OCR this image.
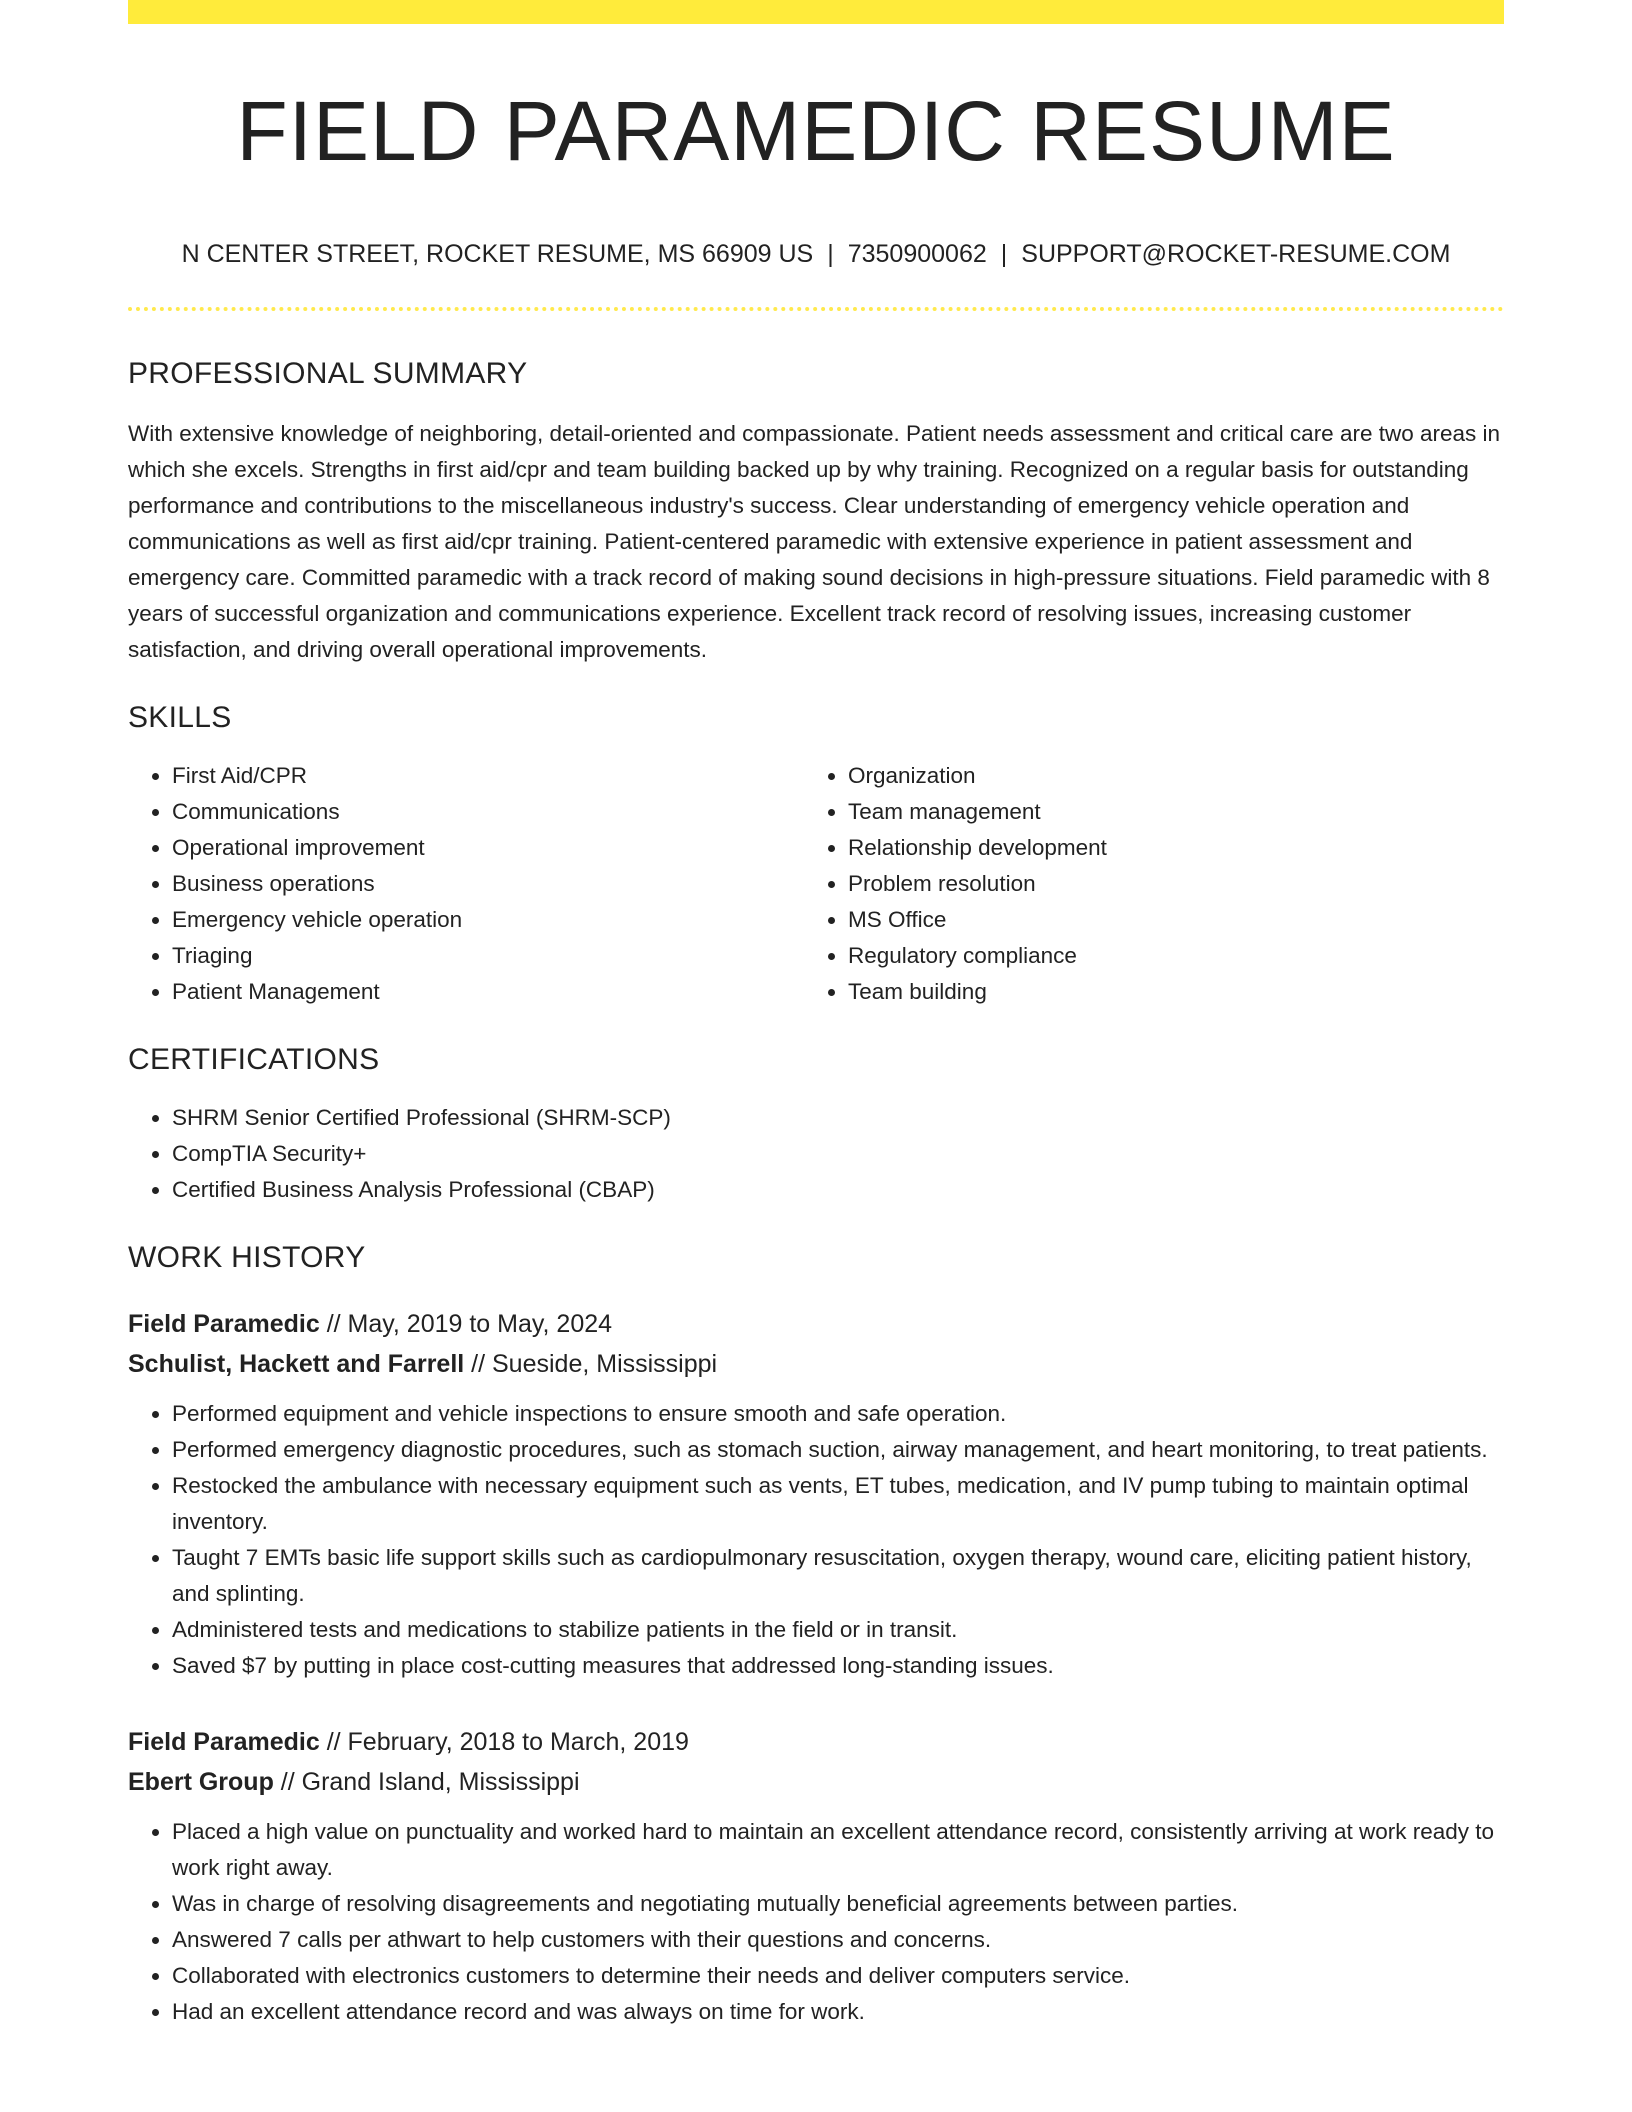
FIELD PARAMEDIC RESUME
N CENTER STREET, ROCKET RESUME, MS 66909 US | 7350900062 | SUPPORT@ROCKET-RESUME.COM
PROFESSIONAL SUMMARY

With extensive knowledge of neighboring, detail-oriented and compassionate. Patient needs assessment and critical care are two areas in which she excels. Strengths in first aid/cpr and team building backed up by why training. Recognized on a regular basis for outstanding performance and contributions to the miscellaneous industry's success. Clear understanding of emergency vehicle operation and communications as well as first aid/cpr training. Patient-centered paramedic with extensive experience in patient assessment and emergency care. Committed paramedic with a track record of making sound decisions in high-pressure situations. Field paramedic with 8 years of successful organization and communications experience. Excellent track record of resolving issues, increasing customer satisfaction, and driving overall operational improvements.

SKILLS
• First Aid/CPR
• Communications
• Operational improvement
• Business operations
• Emergency vehicle operation
• Triaging
• Patient Management
• Organization
• Team management
• Relationship development
• Problem resolution
• MS Office
• Regulatory compliance
• Team building
CERTIFICATIONS
• SHRM Senior Certified Professional (SHRM-SCP)
• CompTIA Security+
• Certified Business Analysis Professional (CBAP)
WORK HISTORY
Field Paramedic // May, 2019 to May, 2024
Schulist, Hackett and Farrell // Sueside, Mississippi
• Performed equipment and vehicle inspections to ensure smooth and safe operation.
• Performed emergency diagnostic procedures, such as stomach suction, airway management, and heart monitoring, to treat patients.
• Restocked the ambulance with necessary equipment such as vents, ET tubes, medication, and IV pump tubing to maintain optimal inventory.
• Taught 7 EMTs basic life support skills such as cardiopulmonary resuscitation, oxygen therapy, wound care, eliciting patient history, and splinting.
• Administered tests and medications to stabilize patients in the field or in transit.
• Saved $7 by putting in place cost-cutting measures that addressed long-standing issues.
Field Paramedic // February, 2018 to March, 2019
Ebert Group // Grand Island, Mississippi
• Placed a high value on punctuality and worked hard to maintain an excellent attendance record, consistently arriving at work ready to work right away.
• Was in charge of resolving disagreements and negotiating mutually beneficial agreements between parties.
• Answered 7 calls per athwart to help customers with their questions and concerns.
• Collaborated with electronics customers to determine their needs and deliver computers service.
• Had an excellent attendance record and was always on time for work.
